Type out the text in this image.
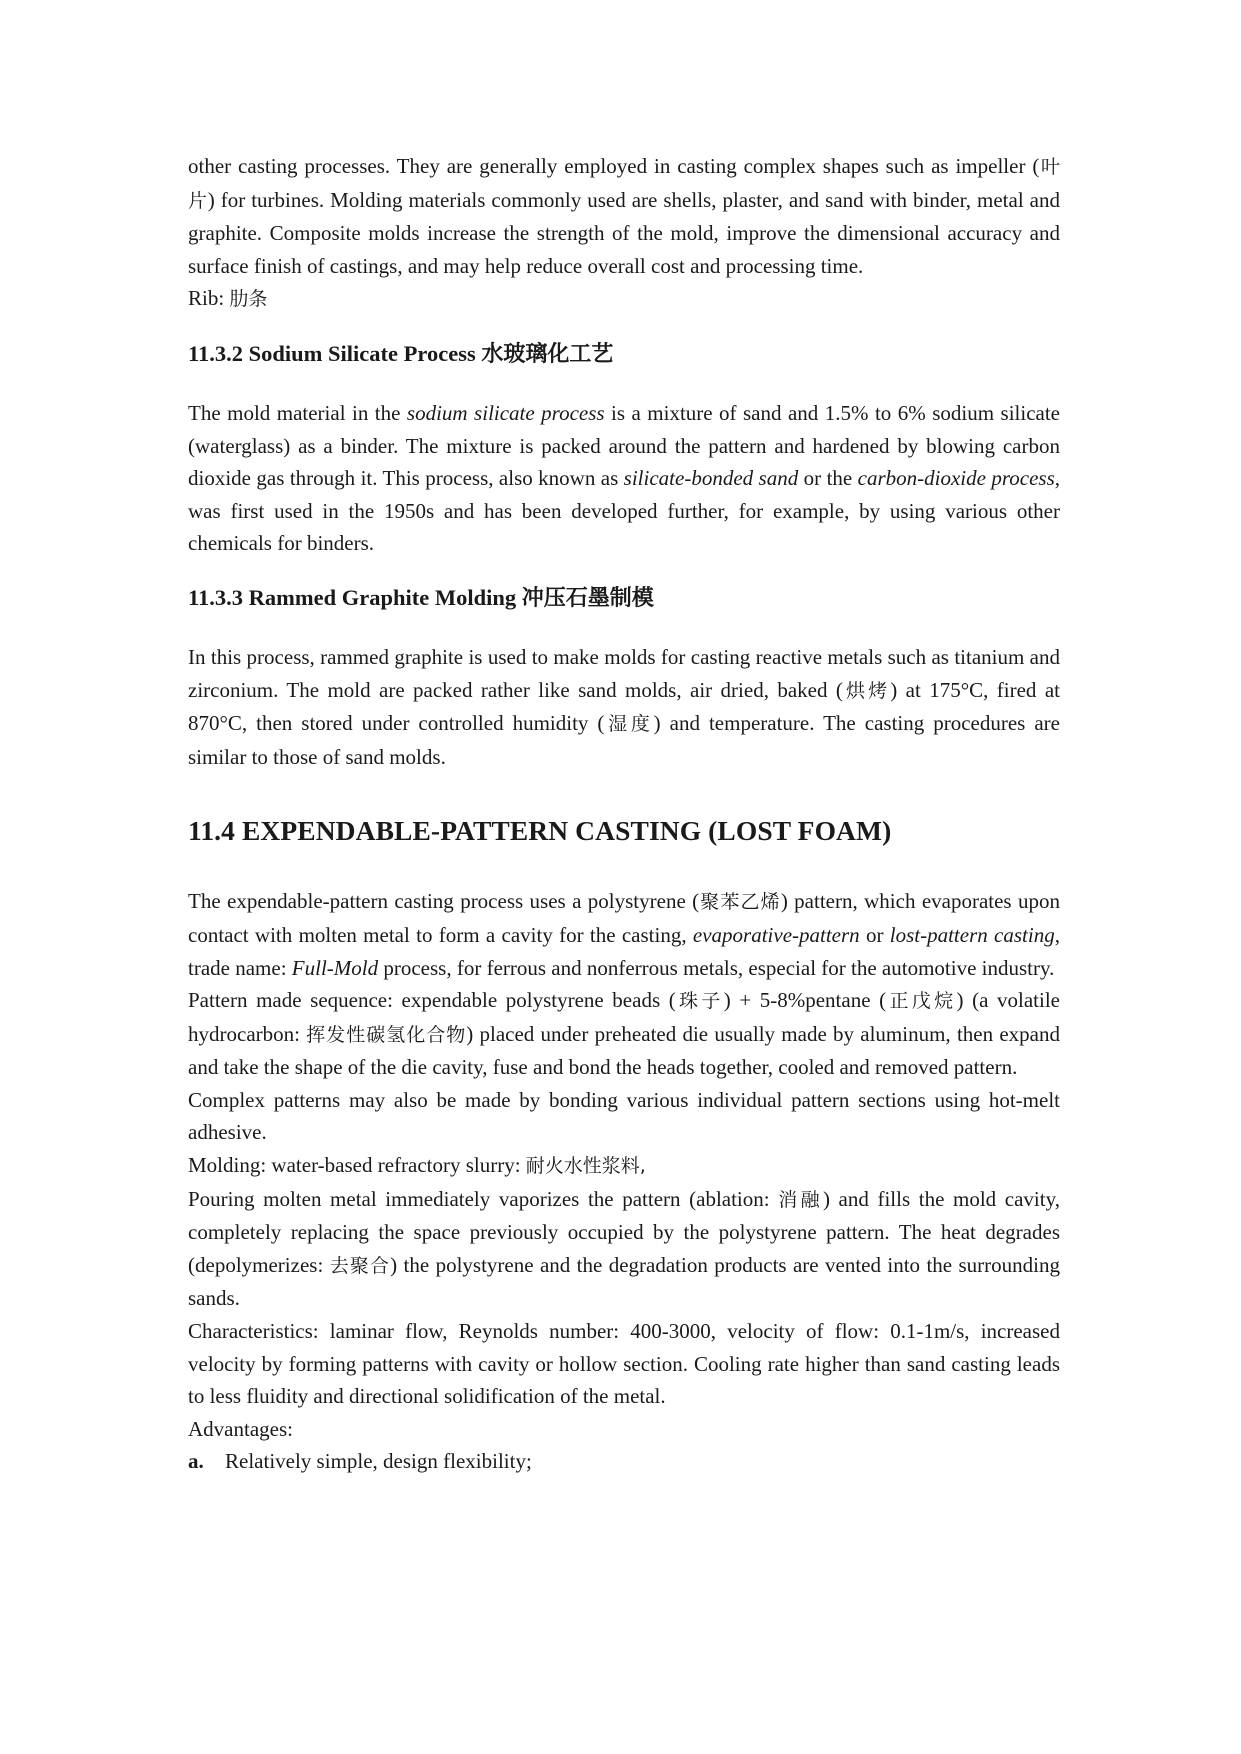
other casting processes. They are generally employed in casting complex shapes such as impeller (叶片) for turbines. Molding materials commonly used are shells, plaster, and sand with binder, metal and graphite. Composite molds increase the strength of the mold, improve the dimensional accuracy and surface finish of castings, and may help reduce overall cost and processing time.

Rib: 肋条

11.3.2 Sodium Silicate Process 水玻璃化工艺

The mold material in the sodium silicate process is a mixture of sand and 1.5% to 6% sodium silicate (waterglass) as a binder. The mixture is packed around the pattern and hardened by blowing carbon dioxide gas through it. This process, also known as silicate-bonded sand or the carbon-dioxide process, was first used in the 1950s and has been developed further, for example, by using various other chemicals for binders.

11.3.3 Rammed Graphite Molding 冲压石墨制模

In this process, rammed graphite is used to make molds for casting reactive metals such as titanium and zirconium. The mold are packed rather like sand molds, air dried, baked (烘烤) at 175°C, fired at 870°C, then stored under controlled humidity (湿度) and temperature. The casting procedures are similar to those of sand molds.

11.4 EXPENDABLE-PATTERN CASTING (LOST FOAM)

The expendable-pattern casting process uses a polystyrene (聚苯乙烯) pattern, which evaporates upon contact with molten metal to form a cavity for the casting, evaporative-pattern or lost-pattern casting, trade name: Full-Mold process, for ferrous and nonferrous metals, especial for the automotive industry.

Pattern made sequence: expendable polystyrene beads (珠子) + 5-8%pentane (正戊烷) (a volatile hydrocarbon: 挥发性碳氢化合物) placed under preheated die usually made by aluminum, then expand and take the shape of the die cavity, fuse and bond the heads together, cooled and removed pattern.

Complex patterns may also be made by bonding various individual pattern sections using hot-melt adhesive.

Molding: water-based refractory slurry: 耐火水性浆料,

Pouring molten metal immediately vaporizes the pattern (ablation: 消融) and fills the mold cavity, completely replacing the space previously occupied by the polystyrene pattern. The heat degrades (depolymerizes: 去聚合) the polystyrene and the degradation products are vented into the surrounding sands.

Characteristics: laminar flow, Reynolds number: 400-3000, velocity of flow: 0.1-1m/s, increased velocity by forming patterns with cavity or hollow section. Cooling rate higher than sand casting leads to less fluidity and directional solidification of the metal.

Advantages:

a.	Relatively simple, design flexibility;
